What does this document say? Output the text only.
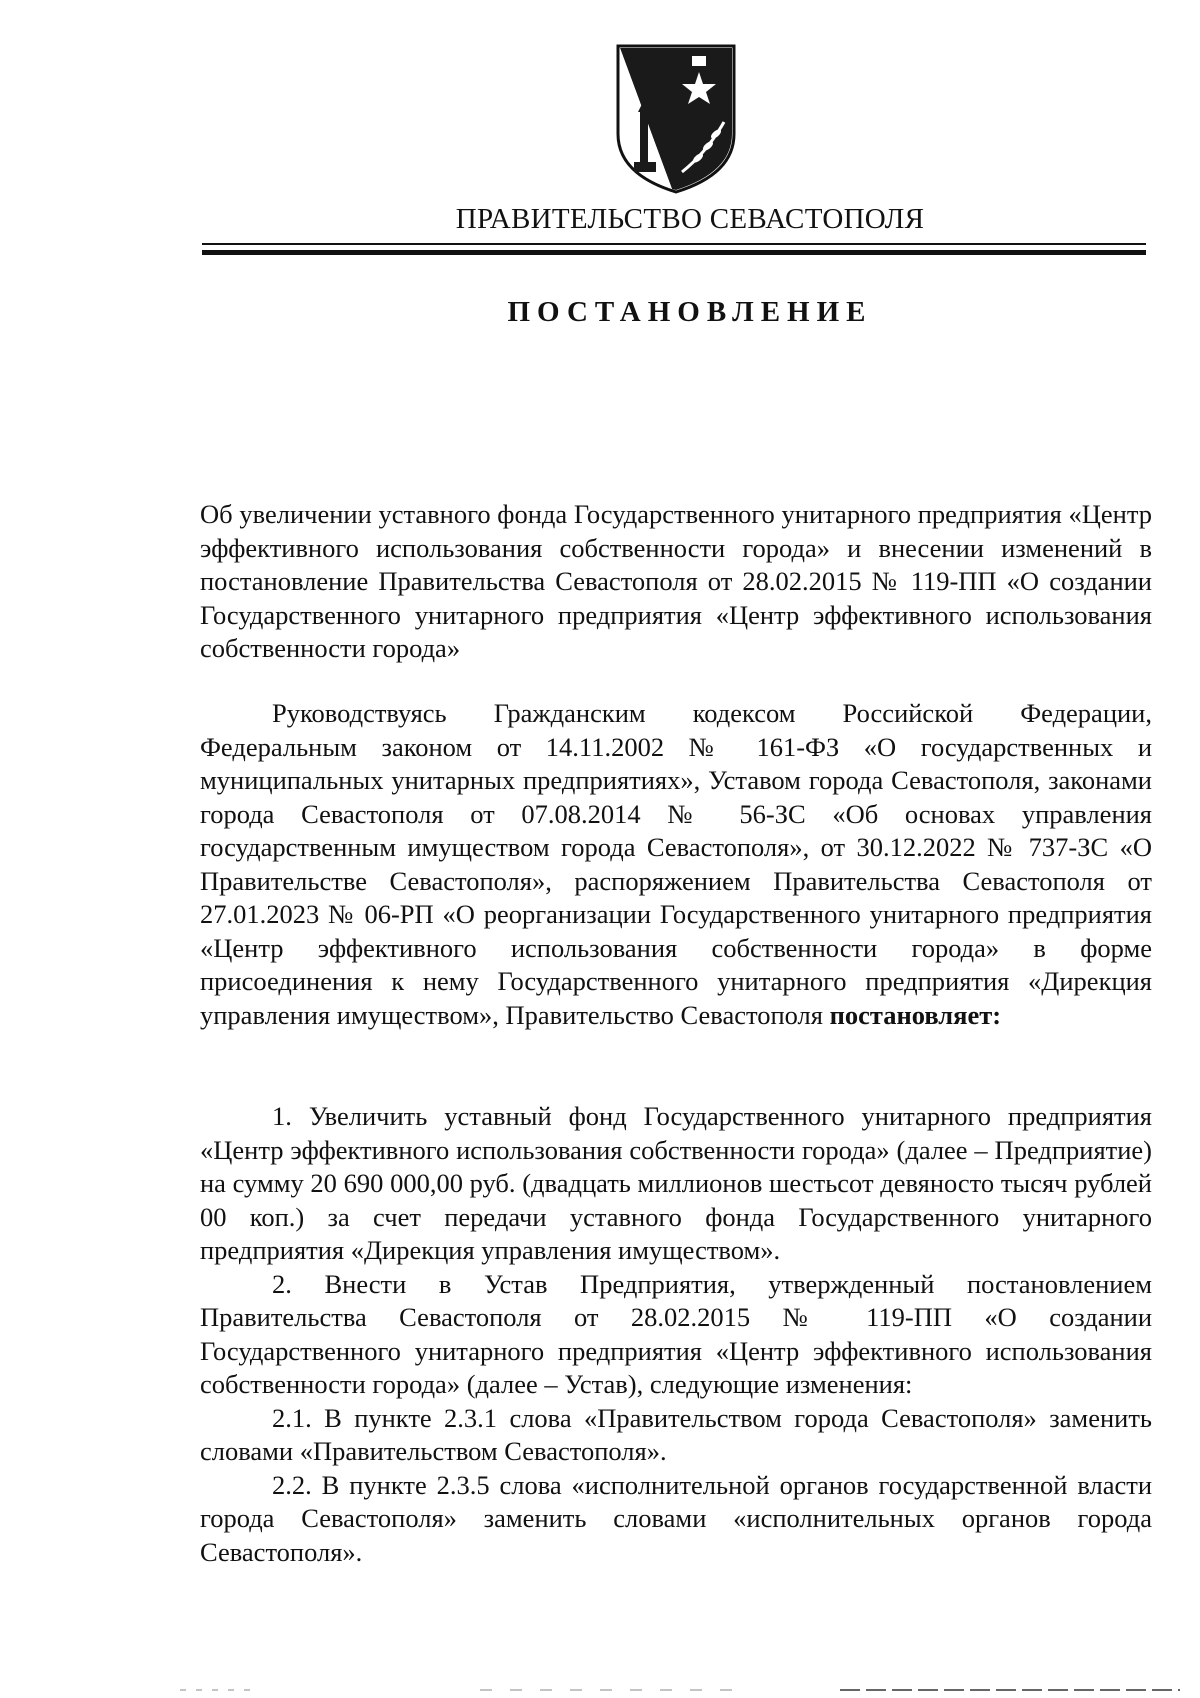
ПРАВИТЕЛЬСТВО СЕВАСТОПОЛЯ
ПОСТАНОВЛЕНИЕ

Об увеличении уставного фонда Государственного унитарного предприятия «Центр эффективного использования собственности города» и внесении изменений в постановление Правительства Севастополя от 28.02.2015 № 119-ПП «О создании Государственного унитарного предприятия «Центр эффективного использования собственности города»

Руководствуясь Гражданским кодексом Российской Федерации, Федеральным законом от 14.11.2002 № 161-ФЗ «О государственных и муниципальных унитарных предприятиях», Уставом города Севастополя, законами города Севастополя от 07.08.2014 № 56-ЗС «Об основах управления государственным имуществом города Севастополя», от 30.12.2022 № 737-ЗС «О Правительстве Севастополя», распоряжением Правительства Севастополя от 27.01.2023 № 06-РП «О реорганизации Государственного унитарного предприятия «Центр эффективного использования собственности города» в форме присоединения к нему Государственного унитарного предприятия «Дирекция управления имуществом», Правительство Севастополя постановляет:

1. Увеличить уставный фонд Государственного унитарного предприятия «Центр эффективного использования собственности города» (далее – Предприятие) на сумму 20 690 000,00 руб. (двадцать миллионов шестьсот девяносто тысяч рублей 00 коп.) за счет передачи уставного фонда Государственного унитарного предприятия «Дирекция управления имуществом».

2. Внести в Устав Предприятия, утвержденный постановлением Правительства Севастополя от 28.02.2015 № 119-ПП «О создании Государственного унитарного предприятия «Центр эффективного использования собственности города» (далее – Устав), следующие изменения:

2.1. В пункте 2.3.1 слова «Правительством города Севастополя» заменить словами «Правительством Севастополя».

2.2. В пункте 2.3.5 слова «исполнительной органов государственной власти города Севастополя» заменить словами «исполнительных органов города Севастополя».
